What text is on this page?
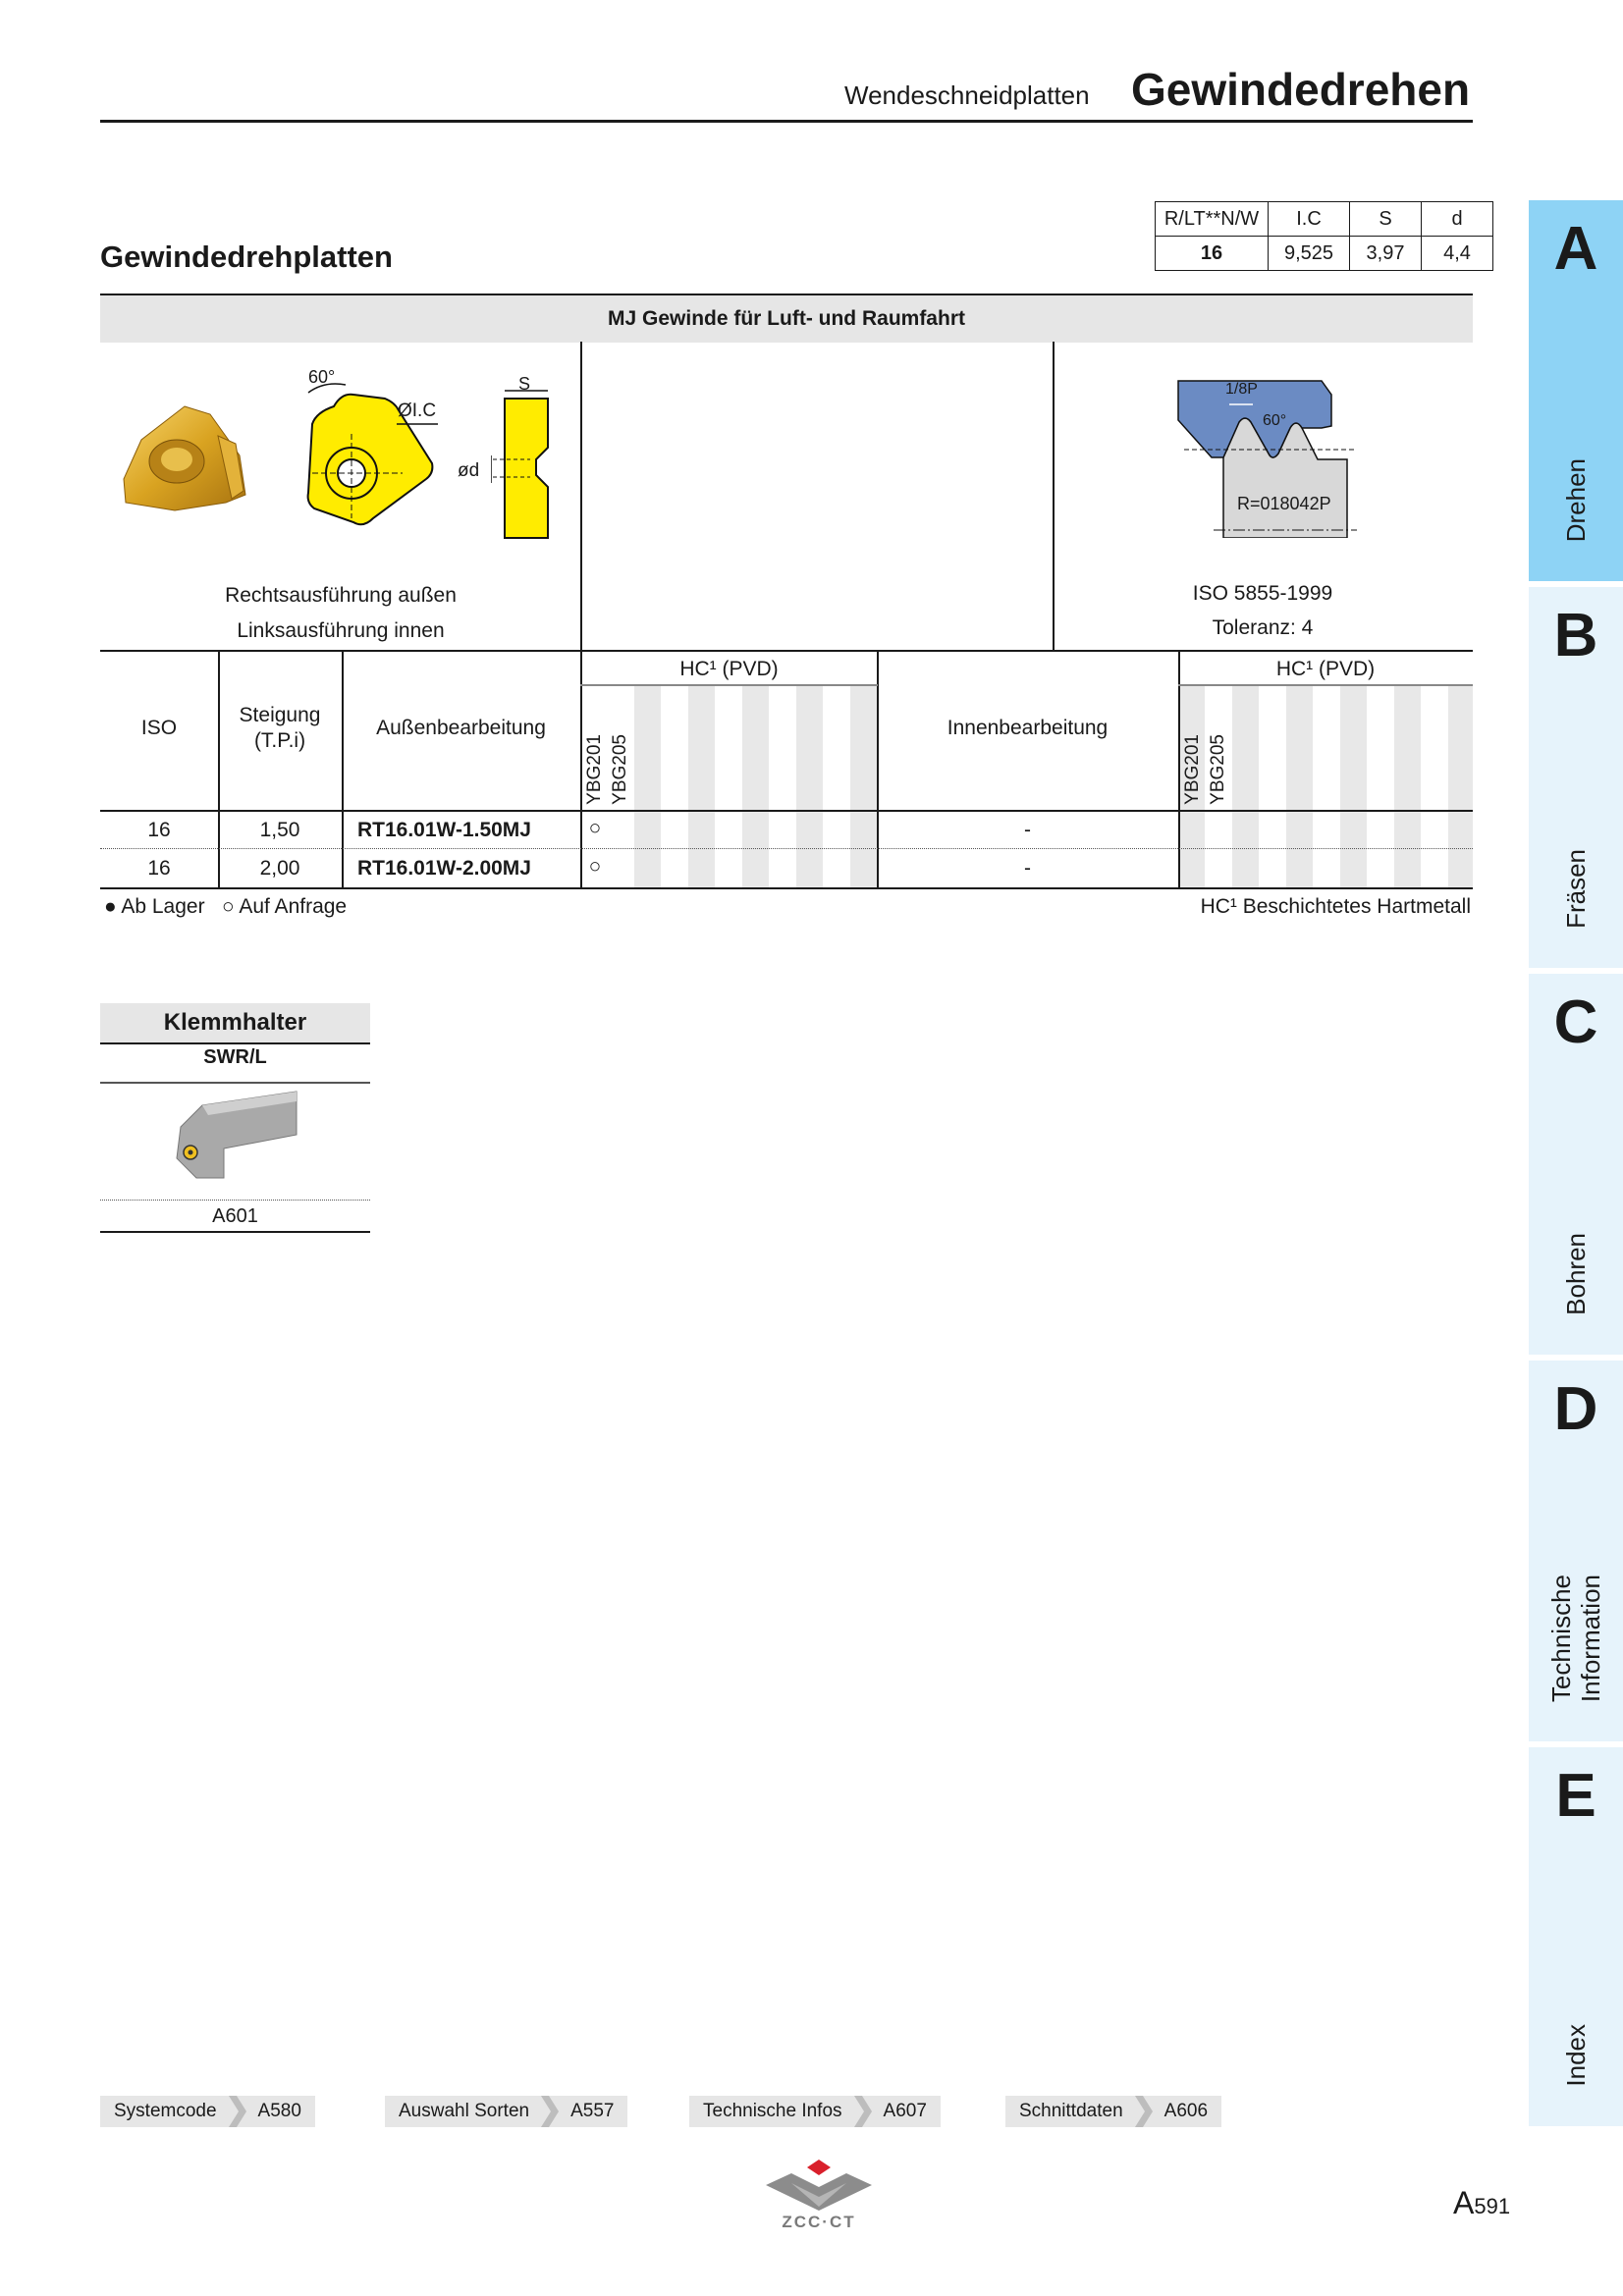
Wendeschneidplatten Gewindedrehen
Gewindedrehplatten
R/LT**N/W	I.C	S	d
16	9,525	3,97	4,4
MJ Gewinde für Luft- und Raumfahrt
60°
ØI.C
S
ød
1/8P
60°
R=018042P
Rechtsausführung außen
Linksausführung innen
ISO 5855-1999
Toleranz: 4
ISO
Steigung
(T.P.i)
Außenbearbeitung	Innenbearbeitung
HC¹ (PVD)	HC¹ (PVD)
YBG201 YBG205	YBG201 YBG205
16	1,50	RT16.01W-1.50MJ	○	-
16	2,00	RT16.01W-2.00MJ	○	-
● Ab Lager ○ Auf Anfrage	HC¹ Beschichtetes Hartmetall
Klemmhalter
SWR/L
A601
A
Drehen
B
Fräsen
C
Bohren
D
Technische
Information
E
Index
Systemcode A580	Auswahl Sorten A557	Technische Infos A607	Schnittdaten A606
ZCC·CT
A591
